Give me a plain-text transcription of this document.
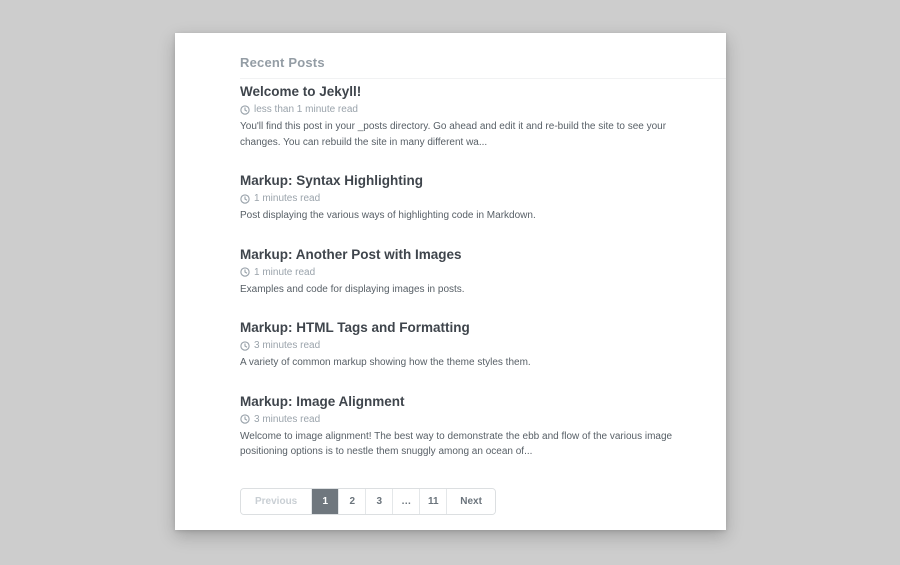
Recent Posts
Welcome to Jekyll!

less than 1 minute read

You'll find this post in your _posts directory. Go ahead and edit it and re-build the site to see your changes. You can rebuild the site in many different wa...

Markup: Syntax Highlighting

1 minutes read

Post displaying the various ways of highlighting code in Markdown.

Markup: Another Post with Images

1 minute read

Examples and code for displaying images in posts.

Markup: HTML Tags and Formatting

3 minutes read

A variety of common markup showing how the theme styles them.

Markup: Image Alignment

3 minutes read

Welcome to image alignment! The best way to demonstrate the ebb and flow of the various image positioning options is to nestle them snuggly among an ocean of...

Previous	1	2	3	…	11	Next
